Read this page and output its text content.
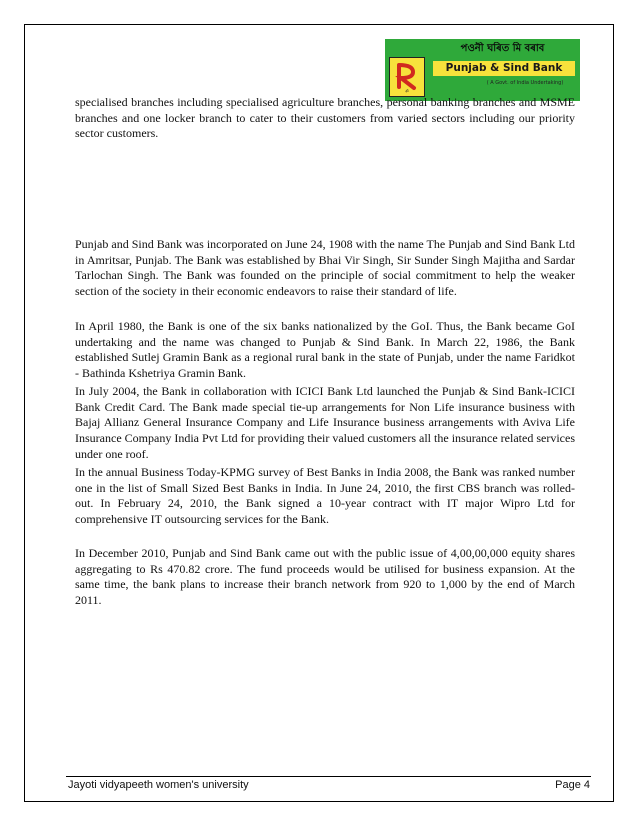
পওনী ঘৰিত মি বৰাব
ॐ
Punjab & Sind Bank
( A Govt. of India Undertaking)

specialised branches including specialised agriculture branches, personal banking branches and MSME branches and one locker branch to cater to their customers from varied sectors including our priority sector customers.

Punjab and Sind Bank was incorporated on June 24, 1908 with the name The Punjab and Sind Bank Ltd in Amritsar, Punjab. The Bank was established by Bhai Vir Singh, Sir Sunder Singh Majitha and Sardar Tarlochan Singh. The Bank was founded on the principle of social commitment to help the weaker section of the society in their economic endeavors to raise their standard of life.

In April 1980, the Bank is one of the six banks nationalized by the GoI. Thus, the Bank became GoI undertaking and the name was changed to Punjab & Sind Bank. In March 22, 1986, the Bank established Sutlej Gramin Bank as a regional rural bank in the state of Punjab, under the name Faridkot - Bathinda Kshetriya Gramin Bank.

In July 2004, the Bank in collaboration with ICICI Bank Ltd launched the Punjab & Sind Bank-ICICI Bank Credit Card. The Bank made special tie-up arrangements for Non Life insurance business with Bajaj Allianz General Insurance Company and Life Insurance business arrangements with Aviva Life Insurance Company India Pvt Ltd for providing their valued customers all the insurance related services under one roof.

In the annual Business Today-KPMG survey of Best Banks in India 2008, the Bank was ranked number one in the list of Small Sized Best Banks in India. In June 24, 2010, the first CBS branch was rolled-out. In February 24, 2010, the Bank signed a 10-year contract with IT major Wipro Ltd for comprehensive IT outsourcing services for the Bank.

In December 2010, Punjab and Sind Bank came out with the public issue of 4,00,00,000 equity shares aggregating to Rs 470.82 crore. The fund proceeds would be utilised for business expansion. At the same time, the bank plans to increase their branch network from 920 to 1,000 by the end of March 2011.

Jayoti vidyapeeth women's university	Page 4
